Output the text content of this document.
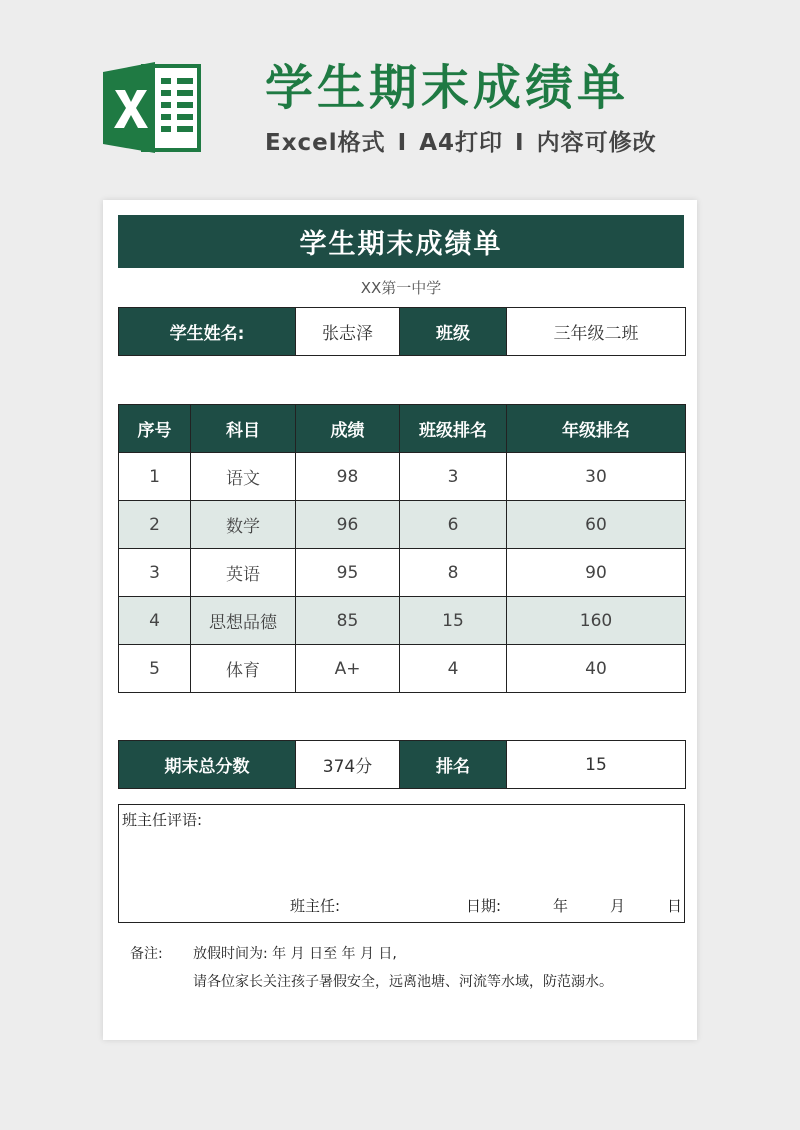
学生期末成绩单
Excel格式 I A4打印 I 内容可修改
学生期末成绩单
XX第一中学
学生姓名:	张志泽	班级	三年级二班
序号	科目	成绩	班级排名	年级排名
1	语文	98	3	30
2	数学	96	6	60
3	英语	95	8	90
4	思想品德	85	15	160
5	体育	A+	4	40
期末总分数	374分	排名	15
班主任评语:
班主任:	日期:	年	月	日
备注: 放假时间为: 年 月 日至 年 月 日,
请各位家长关注孩子暑假安全，远离池塘、河流等水域，防范溺水。
